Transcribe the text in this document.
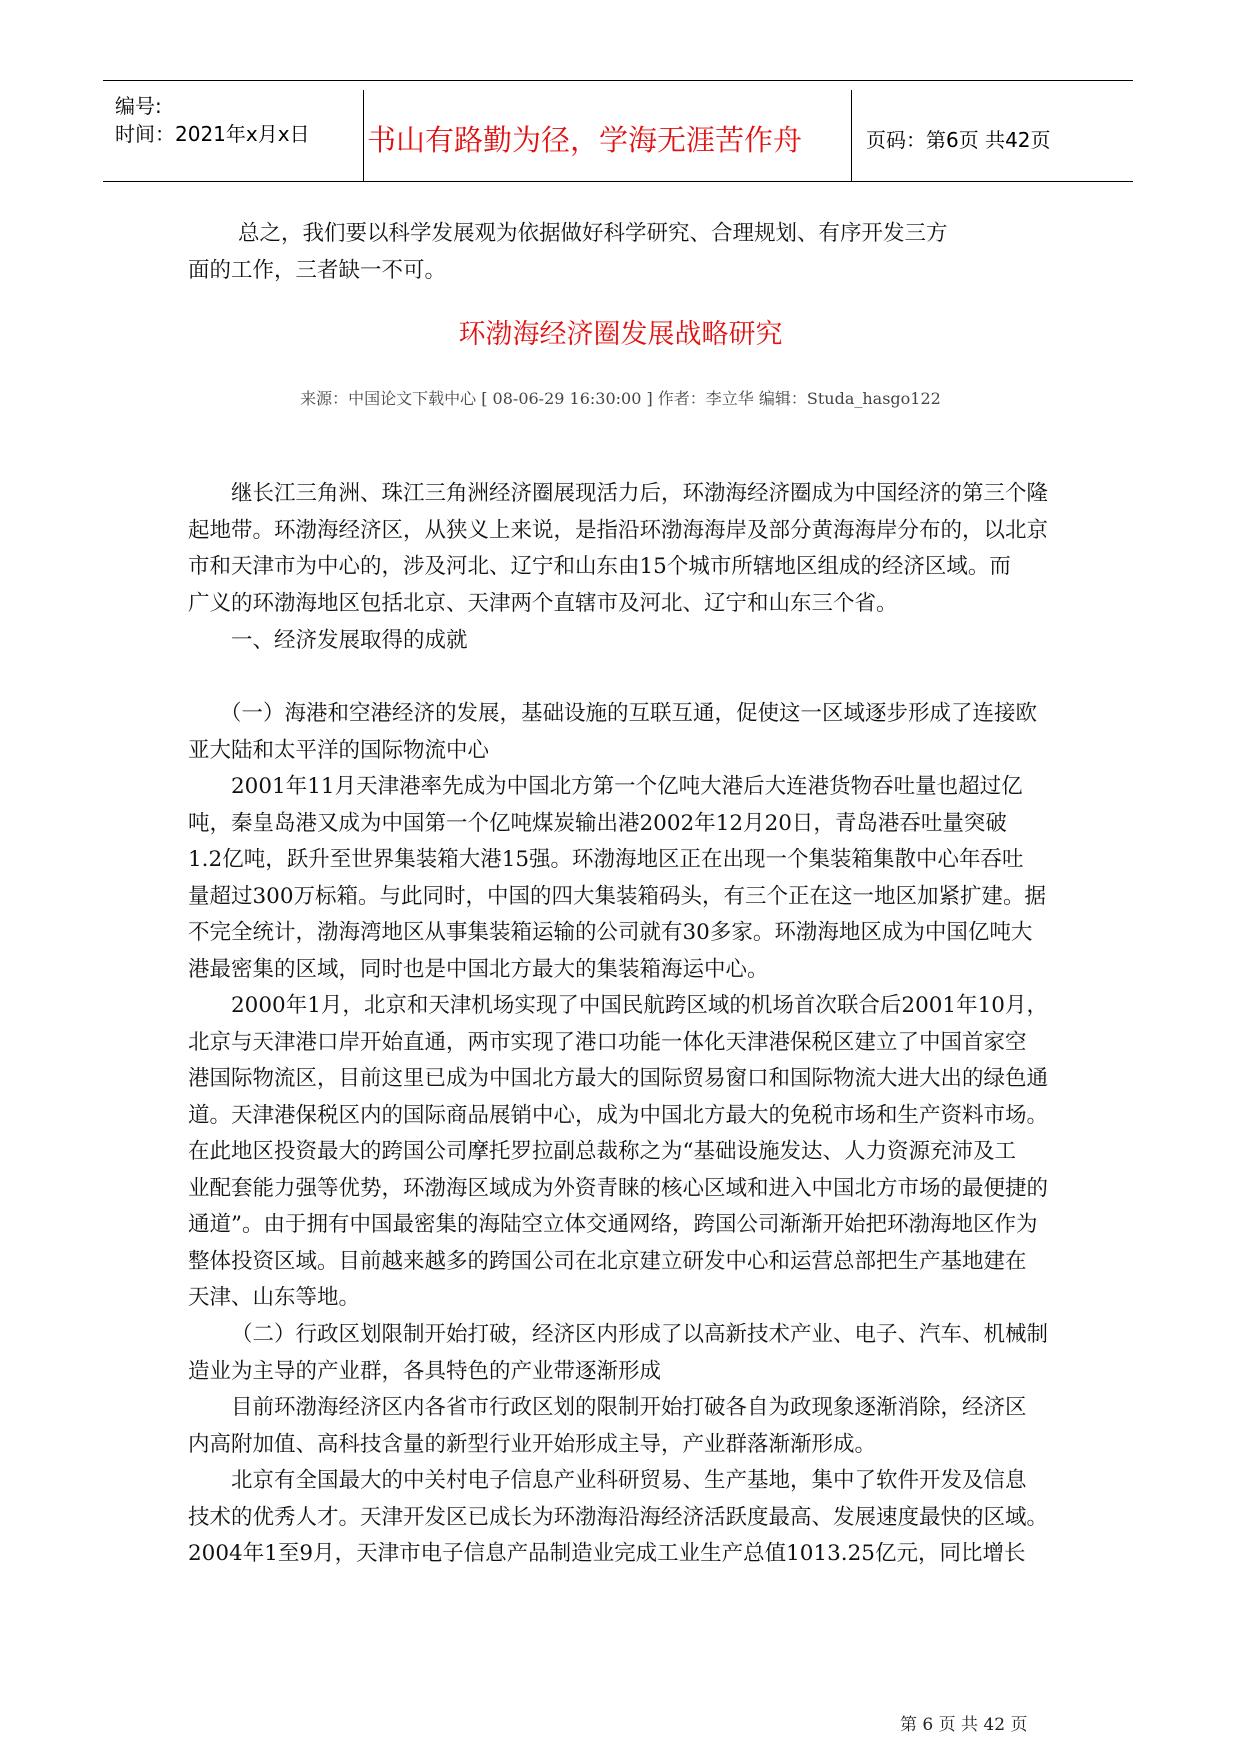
编号:
时间：2021年x月x日 书山有路勤为径，学海无涯苦作舟	页码：第6页 共42页
总之，我们要以科学发展观为依据做好科学研究、合理规划、有序开发三方
面的工作，三者缺一不可。
环渤海经济圈发展战略研究
来源：中国论文下载中心 [ 08-06-29 16:30:00 ] 作者：李立华 编辑：Studa_hasgo122
继长江三角洲、珠江三角洲经济圈展现活力后，环渤海经济圈成为中国经济的第三个隆
起地带。环渤海经济区，从狭义上来说，是指沿环渤海海岸及部分黄海海岸分布的，以北京
市和天津市为中心的，涉及河北、辽宁和山东由15个城市所辖地区组成的经济区域。而
广义的环渤海地区包括北京、天津两个直辖市及河北、辽宁和山东三个省。
一、经济发展取得的成就
（一）海港和空港经济的发展，基础设施的互联互通，促使这一区域逐步形成了连接欧
亚大陆和太平洋的国际物流中心
2001年11月天津港率先成为中国北方第一个亿吨大港后大连港货物吞吐量也超过亿
吨，秦皇岛港又成为中国第一个亿吨煤炭输出港2002年12月20日，青岛港吞吐量突破
1.2亿吨，跃升至世界集装箱大港15强。环渤海地区正在出现一个集装箱集散中心年吞吐
量超过300万标箱。与此同时，中国的四大集装箱码头，有三个正在这一地区加紧扩建。据
不完全统计，渤海湾地区从事集装箱运输的公司就有30多家。环渤海地区成为中国亿吨大
港最密集的区域，同时也是中国北方最大的集装箱海运中心。
2000年1月，北京和天津机场实现了中国民航跨区域的机场首次联合后2001年10月，
北京与天津港口岸开始直通，两市实现了港口功能一体化天津港保税区建立了中国首家空
港国际物流区，目前这里已成为中国北方最大的国际贸易窗口和国际物流大进大出的绿色通
道。天津港保税区内的国际商品展销中心，成为中国北方最大的免税市场和生产资料市场。
在此地区投资最大的跨国公司摩托罗拉副总裁称之为“基础设施发达、人力资源充沛及工
业配套能力强等优势，环渤海区域成为外资青睐的核心区域和进入中国北方市场的最便捷的
通道”。由于拥有中国最密集的海陆空立体交通网络，跨国公司渐渐开始把环渤海地区作为
整体投资区域。目前越来越多的跨国公司在北京建立研发中心和运营总部把生产基地建在
天津、山东等地。
（二）行政区划限制开始打破，经济区内形成了以高新技术产业、电子、汽车、机械制
造业为主导的产业群，各具特色的产业带逐渐形成
目前环渤海经济区内各省市行政区划的限制开始打破各自为政现象逐渐消除，经济区
内高附加值、高科技含量的新型行业开始形成主导，产业群落渐渐形成。
北京有全国最大的中关村电子信息产业科研贸易、生产基地，集中了软件开发及信息
技术的优秀人才。天津开发区已成长为环渤海沿海经济活跃度最高、发展速度最快的区域。
2004年1至9月，天津市电子信息产品制造业完成工业生产总值1013.25亿元，同比增长
第 6 页 共 42 页
